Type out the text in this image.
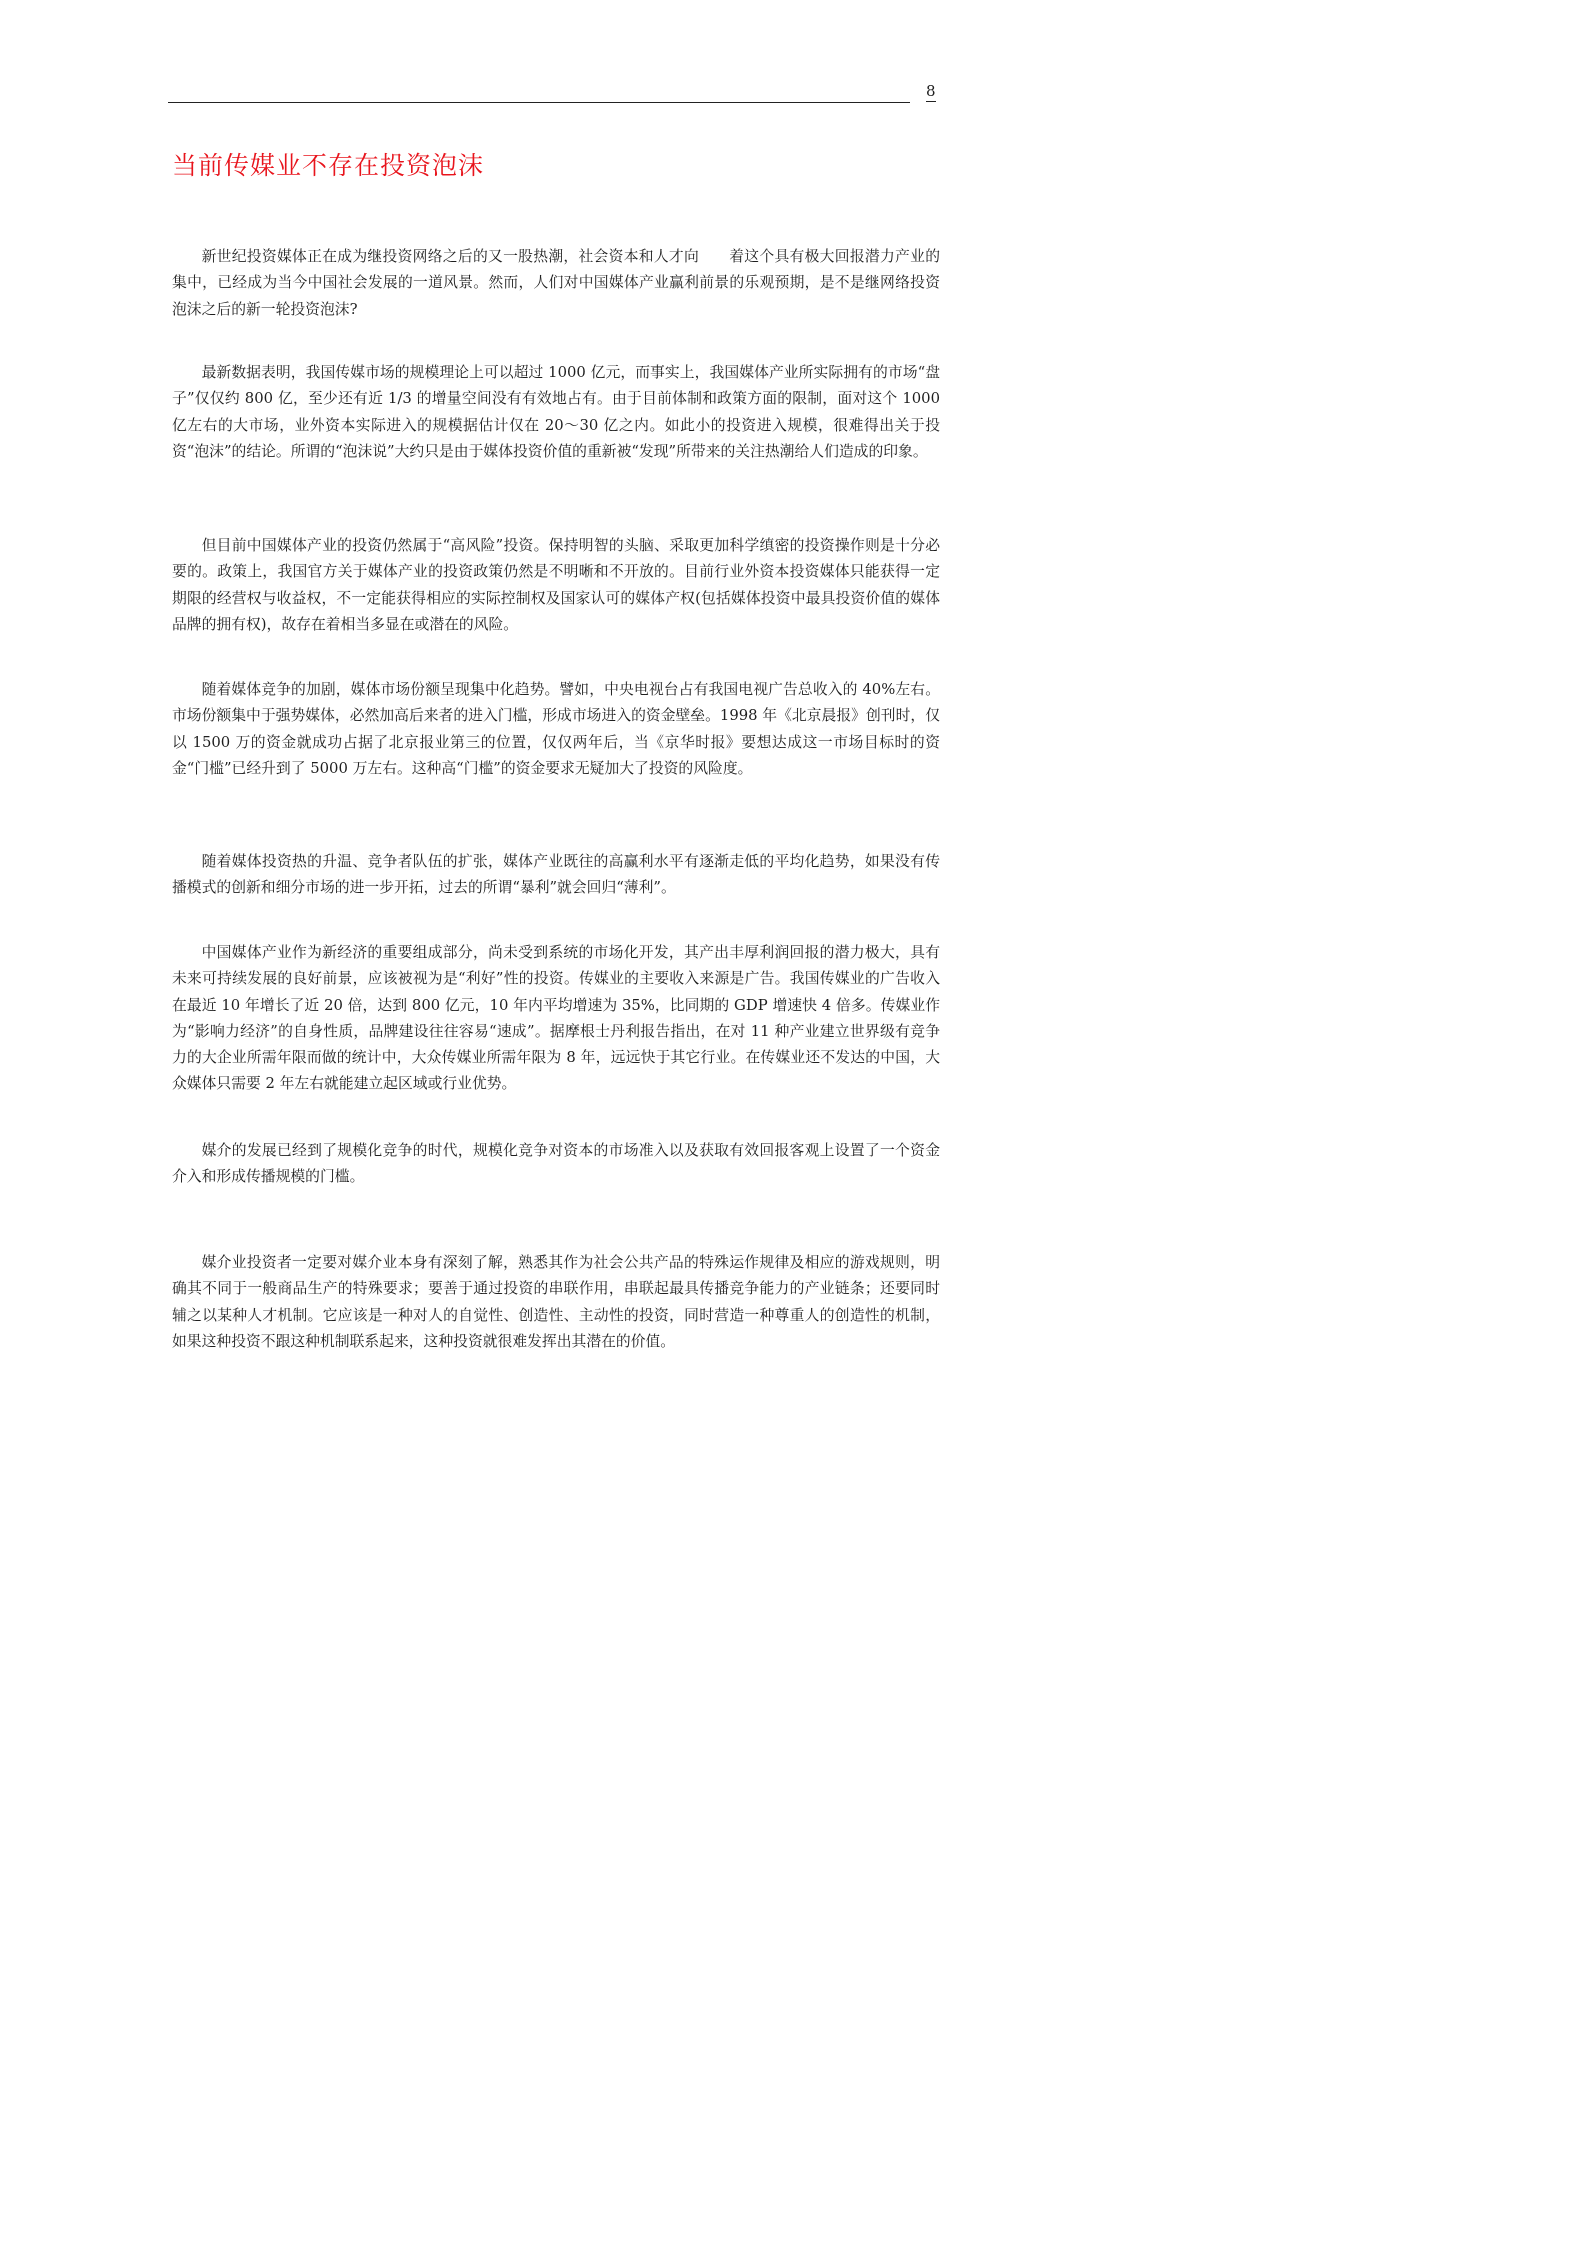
8
当前传媒业不存在投资泡沫

新世纪投资媒体正在成为继投资网络之后的又一股热潮，社会资本和人才向　　着这个具有极大回报潜力产业的集中，已经成为当今中国社会发展的一道风景。然而，人们对中国媒体产业赢利前景的乐观预期，是不是继网络投资泡沫之后的新一轮投资泡沫?

最新数据表明，我国传媒市场的规模理论上可以超过 1000 亿元，而事实上，我国媒体产业所实际拥有的市场“盘子”仅仅约 800 亿，至少还有近 1/3 的增量空间没有有效地占有。由于目前体制和政策方面的限制，面对这个 1000 亿左右的大市场，业外资本实际进入的规模据估计仅在 20～30 亿之内。如此小的投资进入规模，很难得出关于投资“泡沫”的结论。所谓的“泡沫说”大约只是由于媒体投资价值的重新被“发现”所带来的关注热潮给人们造成的印象。

但目前中国媒体产业的投资仍然属于“高风险”投资。保持明智的头脑、采取更加科学缜密的投资操作则是十分必要的。政策上，我国官方关于媒体产业的投资政策仍然是不明晰和不开放的。目前行业外资本投资媒体只能获得一定期限的经营权与收益权，不一定能获得相应的实际控制权及国家认可的媒体产权(包括媒体投资中最具投资价值的媒体品牌的拥有权)，故存在着相当多显在或潜在的风险。

随着媒体竞争的加剧，媒体市场份额呈现集中化趋势。譬如，中央电视台占有我国电视广告总收入的 40%左右。市场份额集中于强势媒体，必然加高后来者的进入门槛，形成市场进入的资金壁垒。1998 年《北京晨报》创刊时，仅以 1500 万的资金就成功占据了北京报业第三的位置，仅仅两年后，当《京华时报》要想达成这一市场目标时的资金“门槛”已经升到了 5000 万左右。这种高“门槛”的资金要求无疑加大了投资的风险度。

随着媒体投资热的升温、竞争者队伍的扩张，媒体产业既往的高赢利水平有逐渐走低的平均化趋势，如果没有传播模式的创新和细分市场的进一步开拓，过去的所谓“暴利”就会回归“薄利”。

中国媒体产业作为新经济的重要组成部分，尚未受到系统的市场化开发，其产出丰厚利润回报的潜力极大，具有未来可持续发展的良好前景，应该被视为是“利好”性的投资。传媒业的主要收入来源是广告。我国传媒业的广告收入在最近 10 年增长了近 20 倍，达到 800 亿元，10 年内平均增速为 35%，比同期的 GDP 增速快 4 倍多。传媒业作为“影响力经济”的自身性质，品牌建设往往容易“速成”。据摩根士丹利报告指出，在对 11 种产业建立世界级有竞争力的大企业所需年限而做的统计中，大众传媒业所需年限为 8 年，远远快于其它行业。在传媒业还不发达的中国，大众媒体只需要 2 年左右就能建立起区域或行业优势。

媒介的发展已经到了规模化竞争的时代，规模化竞争对资本的市场准入以及获取有效回报客观上设置了一个资金介入和形成传播规模的门槛。

媒介业投资者一定要对媒介业本身有深刻了解，熟悉其作为社会公共产品的特殊运作规律及相应的游戏规则，明确其不同于一般商品生产的特殊要求；要善于通过投资的串联作用，串联起最具传播竞争能力的产业链条；还要同时辅之以某种人才机制。它应该是一种对人的自觉性、创造性、主动性的投资，同时营造一种尊重人的创造性的机制，如果这种投资不跟这种机制联系起来，这种投资就很难发挥出其潜在的价值。
